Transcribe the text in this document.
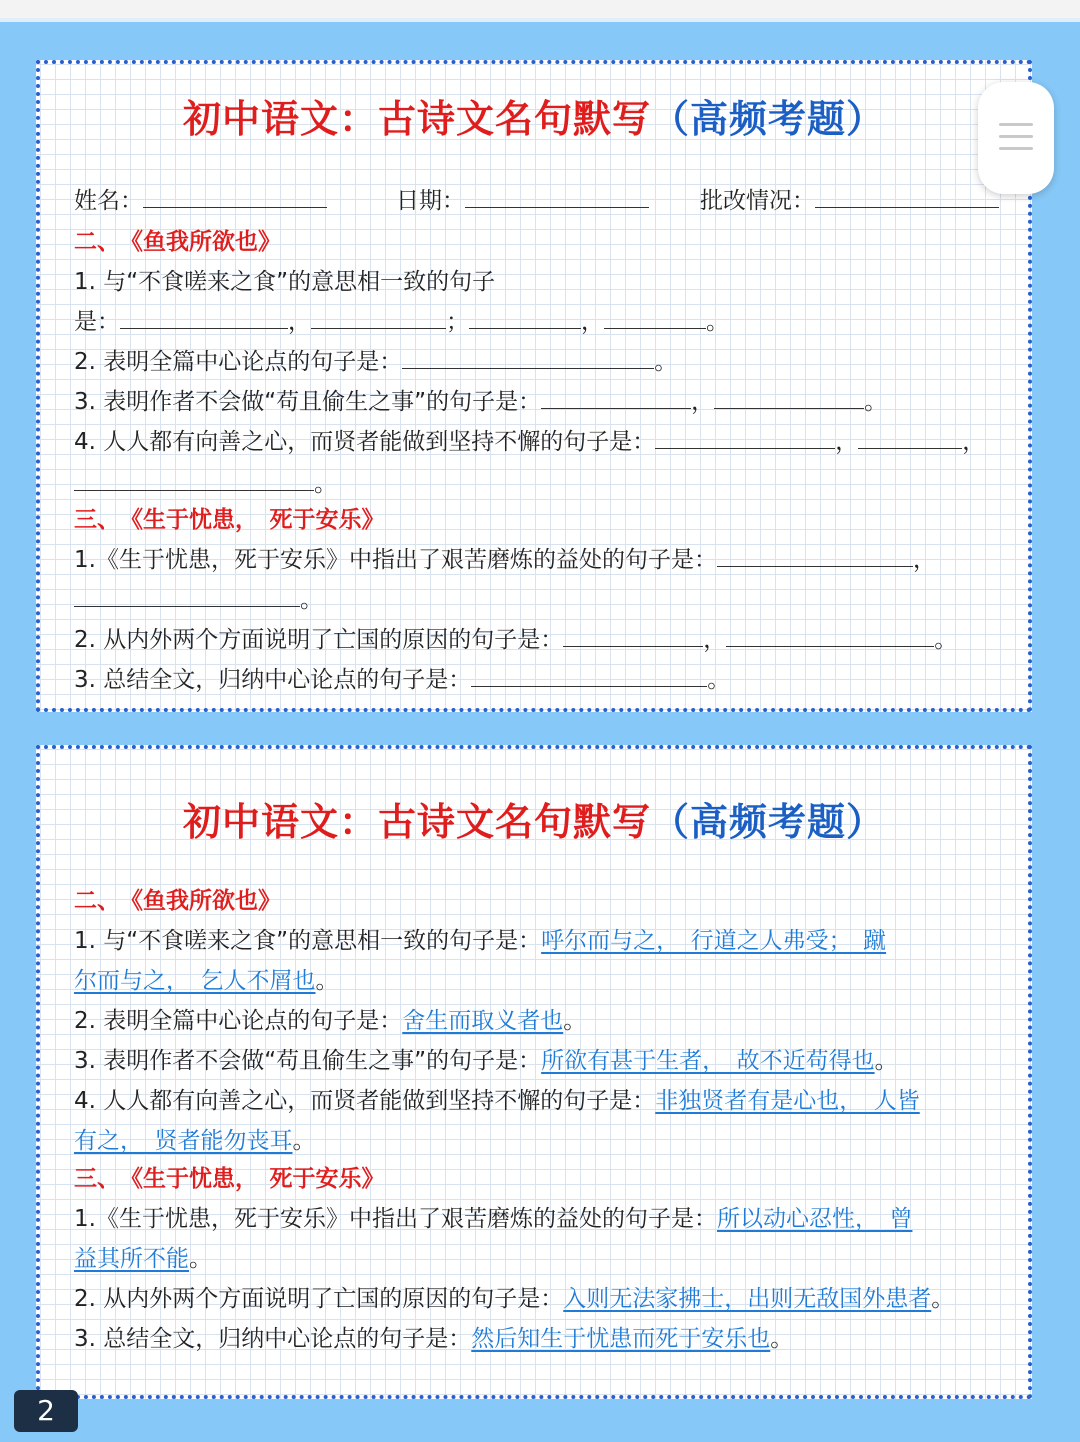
初中语文：古诗文名句默写（高频考题）
姓名：	日期：	批改情况：
二、　《鱼我所欲也》
1. 与“不食嗟来之食”的意思相一致的句子
是：	，	；	，	。
2. 表明全篇中心论点的句子是：	。
3. 表明作者不会做“苟且偷生之事”的句子是：	，	。
4. 人人都有向善之心，而贤者能做到坚持不懈的句子是：	，	，
。
三、　《生于忧患，　死于安乐》
1.《生于忧患，死于安乐》中指出了艰苦磨炼的益处的句子是：	，
。
2. 从内外两个方面说明了亡国的原因的句子是：	，	。
3. 总结全文，归纳中心论点的句子是：	。
初中语文：古诗文名句默写（高频考题）
二、　《鱼我所欲也》
1. 与“不食嗟来之食”的意思相一致的句子是：呼尔而与之，　行道之人弗受；　蹴
尔而与之，　乞人不屑也。
2. 表明全篇中心论点的句子是：舍生而取义者也。
3. 表明作者不会做“苟且偷生之事”的句子是：所欲有甚于生者，　故不近苟得也。
4. 人人都有向善之心，而贤者能做到坚持不懈的句子是：非独贤者有是心也，　人皆
有之，　贤者能勿丧耳。
三、　《生于忧患，　死于安乐》
1.《生于忧患，死于安乐》中指出了艰苦磨炼的益处的句子是：所以动心忍性，　曾
益其所不能。
2. 从内外两个方面说明了亡国的原因的句子是：入则无法家拂士，出则无敌国外患者。
3. 总结全文，归纳中心论点的句子是：然后知生于忧患而死于安乐也。
2
